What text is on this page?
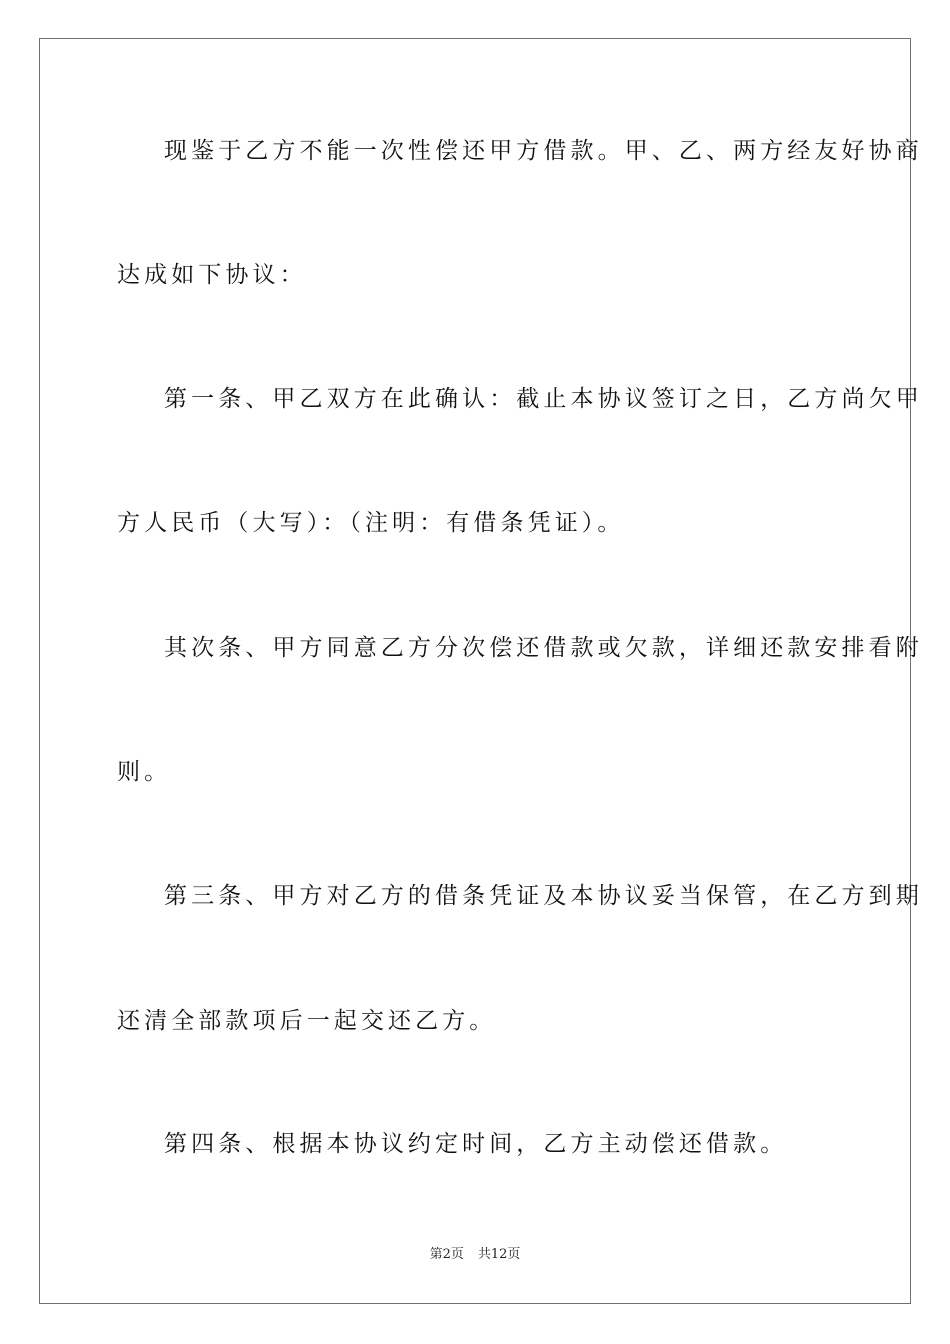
现鉴于乙方不能一次性偿还甲方借款。甲、乙、两方经友好协商
达成如下协议：
第一条、甲乙双方在此确认：截止本协议签订之日，乙方尚欠甲
方人民币（大写）：（注明：有借条凭证）。
其次条、甲方同意乙方分次偿还借款或欠款，详细还款安排看附
则。
第三条、甲方对乙方的借条凭证及本协议妥当保管，在乙方到期
还清全部款项后一起交还乙方。
第四条、根据本协议约定时间，乙方主动偿还借款。
第2页 共12页
